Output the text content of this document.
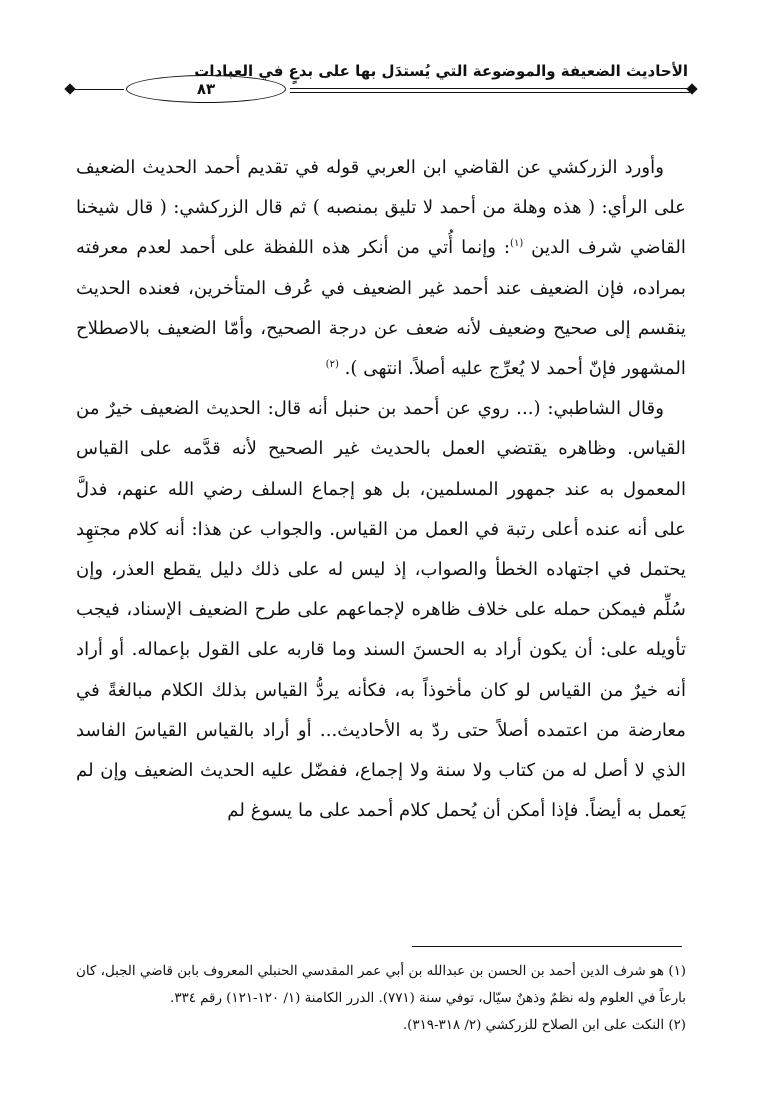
الأحاديث الضعيفة والموضوعة التي يُستدَل بها على بدعٍ في العبادات
٨٣

وأورد الزركشي عن القاضي ابن العربي قوله في تقديم أحمد الحديث الضعيف على الرأي: ( هذه وهلة من أحمد لا تليق بمنصبه ) ثم قال الزركشي: ( قال شيخنا القاضي شرف الدين $^{(١)}$: وإنما أُتي من أنكر هذه اللفظة على أحمد لعدم معرفته بمراده، فإن الضعيف عند أحمد غير الضعيف في عُرف المتأخرين، فعنده الحديث ينقسم إلى صحيح وضعيف لأنه ضعف عن درجة الصحيح، وأمّا الضعيف بالاصطلاح المشهور فإنّ أحمد لا يُعرِّج عليه أصلاً. انتهى ). $^{(٢)}$

وقال الشاطبي: (... روي عن أحمد بن حنبل أنه قال: الحديث الضعيف خيرٌ من القياس. وظاهره يقتضي العمل بالحديث غير الصحيح لأنه قدَّمه على القياس المعمول به عند جمهور المسلمين، بل هو إجماع السلف رضي الله عنهم، فدلَّ على أنه عنده أعلى رتبة في العمل من القياس. والجواب عن هذا: أنه كلام مجتهِد يحتمل في اجتهاده الخطأ والصواب، إذ ليس له على ذلك دليل يقطع العذر، وإن سُلِّم فيمكن حمله على خلاف ظاهره لإجماعهم على طرح الضعيف الإسناد، فيجب تأويله على: أن يكون أراد به الحسنَ السند وما قاربه على القول بإعماله. أو أراد أنه خيرٌ من القياس لو كان مأخوذاً به، فكأنه يردُّ القياس بذلك الكلام مبالغةً في معارضة من اعتمده أصلاً حتى ردّ به الأحاديث... أو أراد بالقياس القياسَ الفاسد الذي لا أصل له من كتاب ولا سنة ولا إجماع، ففضّل عليه الحديث الضعيف وإن لم يَعمل به أيضاً. فإذا أمكن أن يُحمل كلام أحمد على ما يسوغ لم

(١) هو شرف الدين أحمد بن الحسن بن عبدالله بن أبي عمر المقدسي الحنبلي المعروف بابن قاضي الجبل، كان بارعاً في العلوم وله نظمٌ وذهنٌ سيّال، توفي سنة (٧٧١). الدرر الكامنة (١/ ١٢٠-١٢١) رقم ٣٣٤.

(٢) النكت على ابن الصلاح للزركشي (٢/ ٣١٨-٣١٩).
